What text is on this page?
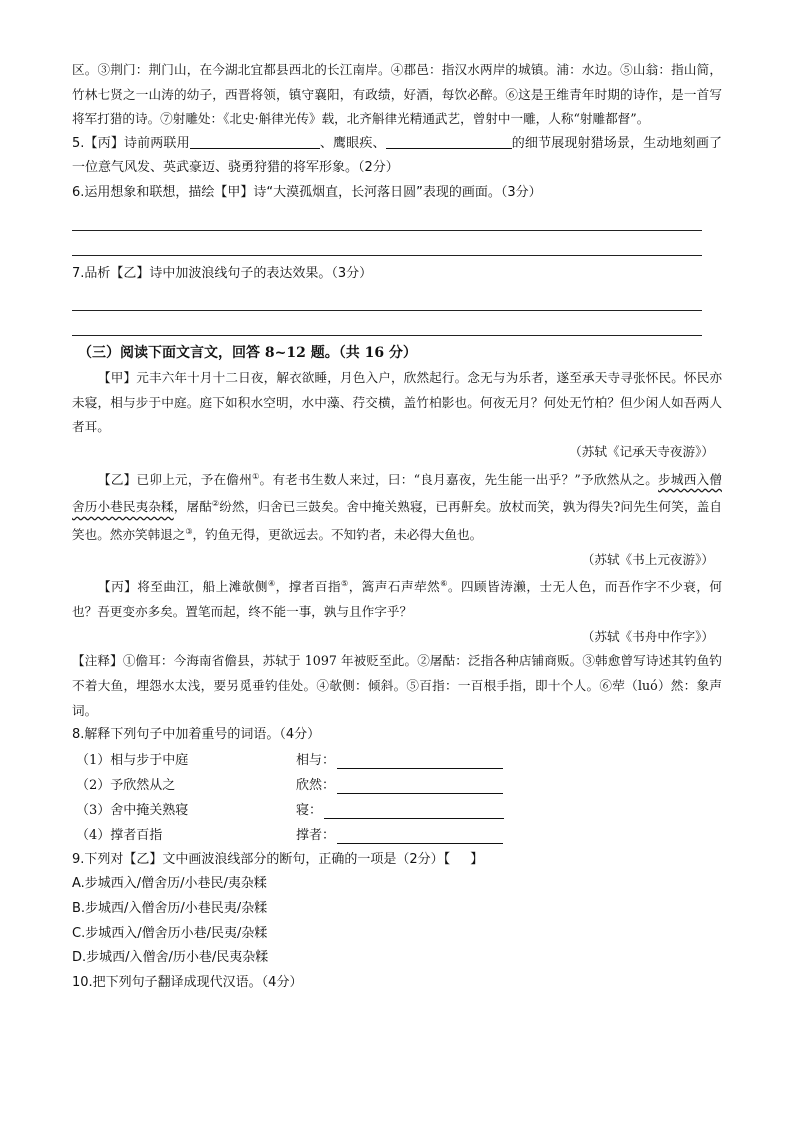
区。③荆门：荆门山，在今湖北宜都县西北的长江南岸。④郡邑：指汉水两岸的城镇。浦：水边。⑤山翁：指山简，竹林七贤之一山涛的幼子，西晋将领，镇守襄阳，有政绩，好酒，每饮必醉。⑥这是王维青年时期的诗作，是一首写将军打猎的诗。⑦射雕处：《北史·斛律光传》载，北齐斛律光精通武艺，曾射中一雕，人称“射雕都督”。

5.【丙】诗前两联用	、鹰眼疾、	的细节展现射猎场景，生动地刻画了一位意气风发、英武豪迈、骁勇狩猎的将军形象。（2分）

6.运用想象和联想，描绘【甲】诗“大漠孤烟直，长河落日圆”表现的画面。（3分）

7.品析【乙】诗中加波浪线句子的表达效果。（3分）

（三）阅读下面文言文，回答 8~12 题。（共 16 分）

【甲】元丰六年十月十二日夜，解衣欲睡，月色入户，欣然起行。念无与为乐者，遂至承天寺寻张怀民。怀民亦未寝，相与步于中庭。庭下如积水空明，水中藻、荇交横，盖竹柏影也。何夜无月？何处无竹柏？但少闲人如吾两人者耳。

（苏轼《记承天寺夜游》）

【乙】已卯上元，予在儋州①。有老书生数人来过，曰：“良月嘉夜，先生能一出乎？”予欣然从之。步城西入僧舍历小巷民夷杂糅，屠酤②纷然，归舍已三鼓矣。舍中掩关熟寝，已再鼾矣。放杖而笑，孰为得失?问先生何笑，盖自笑也。然亦笑韩退之③，钓鱼无得，更欲远去。不知钓者，未必得大鱼也。

（苏轼《书上元夜游》）

【丙】将至曲江，船上滩欹侧④，撑者百指⑤，篙声石声荦然⑥。四顾皆涛濑，士无人色，而吾作字不少衰，何也？吾更变亦多矣。置笔而起，终不能一事，孰与且作字乎？

（苏轼《书舟中作字》）

【注释】①儋耳：今海南省儋县，苏轼于 1097 年被贬至此。②屠酤：泛指各种店铺商贩。③韩愈曾写诗述其钓鱼钓不着大鱼，埋怨水太浅，要另觅垂钓佳处。④欹侧：倾斜。⑤百指：一百根手指，即十个人。⑥荦（luó）然：象声词。

8.解释下列句子中加着重号的词语。（4分）

（1）相与步于中庭	相与：
（2）予欣然从之	欣然：
（3）舍中掩关熟寝	寝：
（4）撑者百指	撑者：

9.下列对【乙】文中画波浪线部分的断句，正确的一项是（2分）【 】

A.步城西入/僧舍历/小巷民/夷杂糅

B.步城西/入僧舍历/小巷民夷/杂糅

C.步城西入/僧舍历小巷/民夷/杂糅

D.步城西/入僧舍/历小巷/民夷杂糅

10.把下列句子翻译成现代汉语。（4分）
